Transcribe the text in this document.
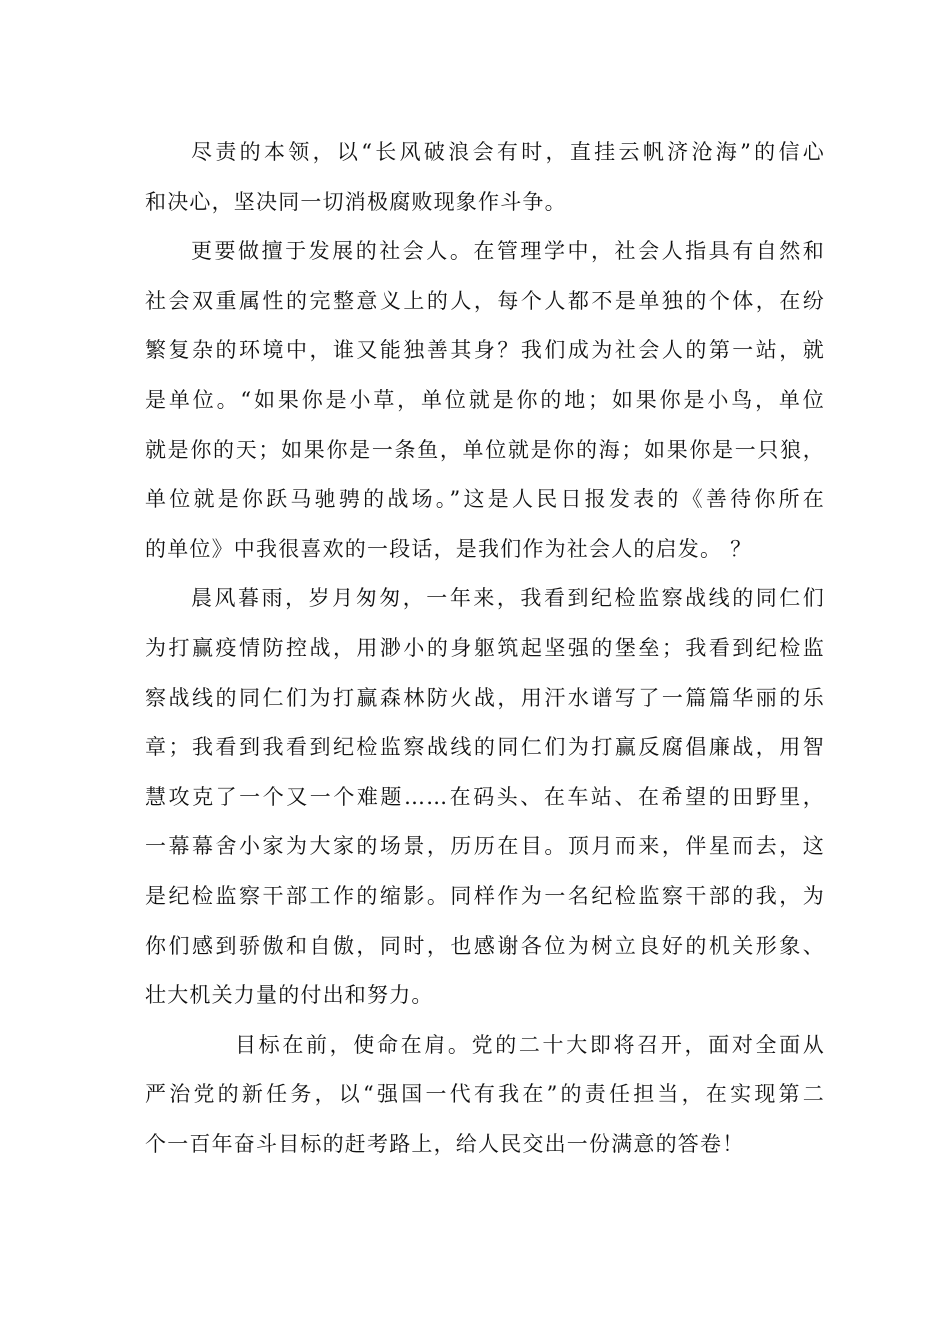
尽责的本领，以“长风破浪会有时，直挂云帆济沧海”的信心
和决心，坚决同一切消极腐败现象作斗争。
更要做擅于发展的社会人。在管理学中，社会人指具有自然和
社会双重属性的完整意义上的人，每个人都不是单独的个体，在纷
繁复杂的环境中，谁又能独善其身？我们成为社会人的第一站，就
是单位。“如果你是小草，单位就是你的地；如果你是小鸟，单位
就是你的天；如果你是一条鱼，单位就是你的海；如果你是一只狼，
单位就是你跃马驰骋的战场。”这是人民日报发表的《善待你所在
的单位》中我很喜欢的一段话，是我们作为社会人的启发。 ？
晨风暮雨，岁月匆匆，一年来，我看到纪检监察战线的同仁们
为打赢疫情防控战，用渺小的身躯筑起坚强的堡垒；我看到纪检监
察战线的同仁们为打赢森林防火战，用汗水谱写了一篇篇华丽的乐
章；我看到我看到纪检监察战线的同仁们为打赢反腐倡廉战，用智
慧攻克了一个又一个难题……在码头、在车站、在希望的田野里，
一幕幕舍小家为大家的场景，历历在目。顶月而来，伴星而去，这
是纪检监察干部工作的缩影。同样作为一名纪检监察干部的我，为
你们感到骄傲和自傲，同时，也感谢各位为树立良好的机关形象、
壮大机关力量的付出和努力。
目标在前，使命在肩。党的二十大即将召开，面对全面从
严治党的新任务，以“强国一代有我在”的责任担当，在实现第二
个一百年奋斗目标的赶考路上，给人民交出一份满意的答卷！
